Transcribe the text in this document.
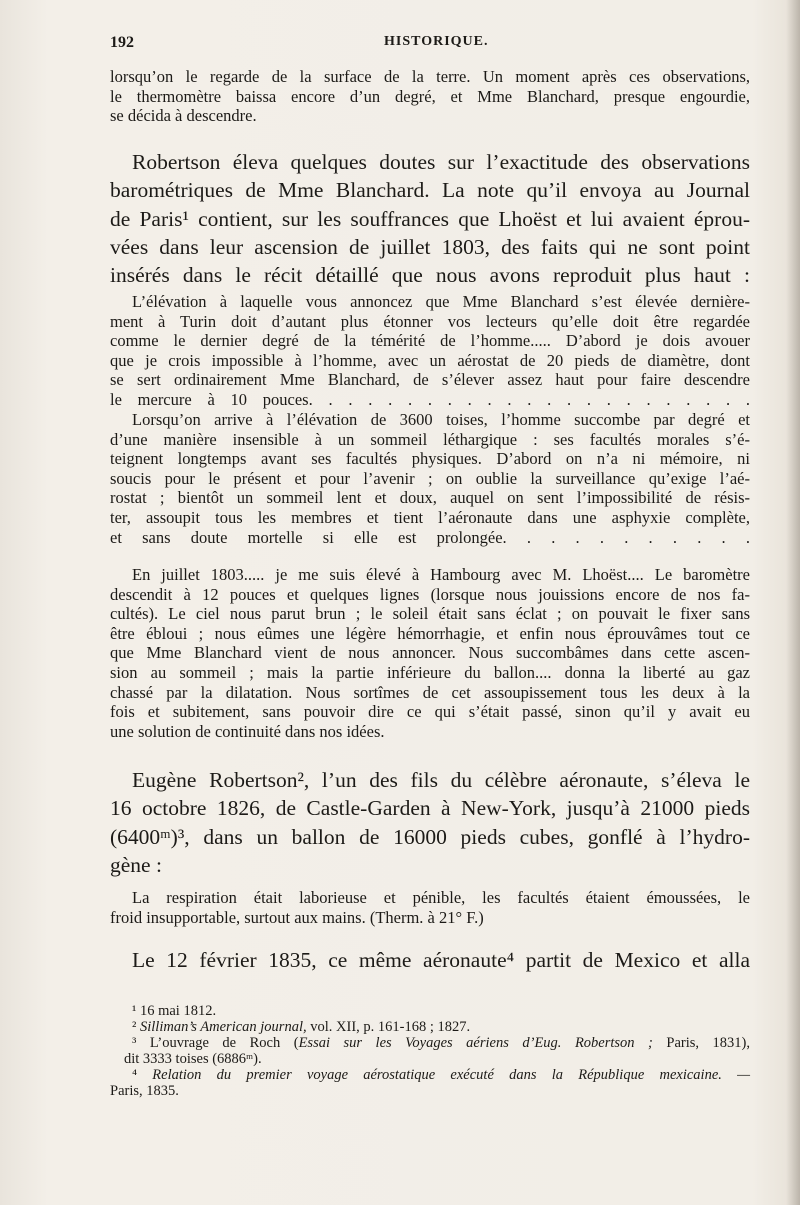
192	HISTORIQUE.
lorsqu’on le regarde de la surface de la terre. Un moment après ces observations,
le thermomètre baissa encore d’un degré, et Mme Blanchard, presque engourdie,
se décida à descendre.
Robertson éleva quelques doutes sur l’exactitude des observations
barométriques de Mme Blanchard. La note qu’il envoya au Journal
de Paris¹ contient, sur les souffrances que Lhoëst et lui avaient éprou-
vées dans leur ascension de juillet 1803, des faits qui ne sont point
insérés dans le récit détaillé que nous avons reproduit plus haut :
L’élévation à laquelle vous annoncez que Mme Blanchard s’est élevée dernière-
ment à Turin doit d’autant plus étonner vos lecteurs qu’elle doit être regardée
comme le dernier degré de la témérité de l’homme..... D’abord je dois avouer
que je crois impossible à l’homme, avec un aérostat de 20 pieds de diamètre, dont
se sert ordinairement Mme Blanchard, de s’élever assez haut pour faire descendre
le mercure à 10 pouces. . . . . . . . . . . . . . . . . . . . . . .
Lorsqu’on arrive à l’élévation de 3600 toises, l’homme succombe par degré et
d’une manière insensible à un sommeil léthargique : ses facultés morales s’é-
teignent longtemps avant ses facultés physiques. D’abord on n’a ni mémoire, ni
soucis pour le présent et pour l’avenir ; on oublie la surveillance qu’exige l’aé-
rostat ; bientôt un sommeil lent et doux, auquel on sent l’impossibilité de résis-
ter, assoupit tous les membres et tient l’aéronaute dans une asphyxie complète,
et sans doute mortelle si elle est prolongée. . . . . . . . . . .
En juillet 1803..... je me suis élevé à Hambourg avec M. Lhoëst.... Le baromètre
descendit à 12 pouces et quelques lignes (lorsque nous jouissions encore de nos fa-
cultés). Le ciel nous parut brun ; le soleil était sans éclat ; on pouvait le fixer sans
être ébloui ; nous eûmes une légère hémorrhagie, et enfin nous éprouvâmes tout ce
que Mme Blanchard vient de nous annoncer. Nous succombâmes dans cette ascen-
sion au sommeil ; mais la partie inférieure du ballon.... donna la liberté au gaz
chassé par la dilatation. Nous sortîmes de cet assoupissement tous les deux à la
fois et subitement, sans pouvoir dire ce qui s’était passé, sinon qu’il y avait eu
une solution de continuité dans nos idées.
Eugène Robertson², l’un des fils du célèbre aéronaute, s’éleva le
16 octobre 1826, de Castle-Garden à New-York, jusqu’à 21000 pieds
(6400ᵐ)³, dans un ballon de 16000 pieds cubes, gonflé à l’hydro-
gène :
La respiration était laborieuse et pénible, les facultés étaient émoussées, le
froid insupportable, surtout aux mains. (Therm. à 21° F.)
Le 12 février 1835, ce même aéronaute⁴ partit de Mexico et alla
¹ 16 mai 1812.
² Silliman’s American journal, vol. XII, p. 161-168 ; 1827.
³ L’ouvrage de Roch (Essai sur les Voyages aériens d’Eug. Robertson ; Paris, 1831),
dit 3333 toises (6886ᵐ).
⁴ Relation du premier voyage aérostatique exécuté dans la République mexicaine. —
Paris, 1835.
